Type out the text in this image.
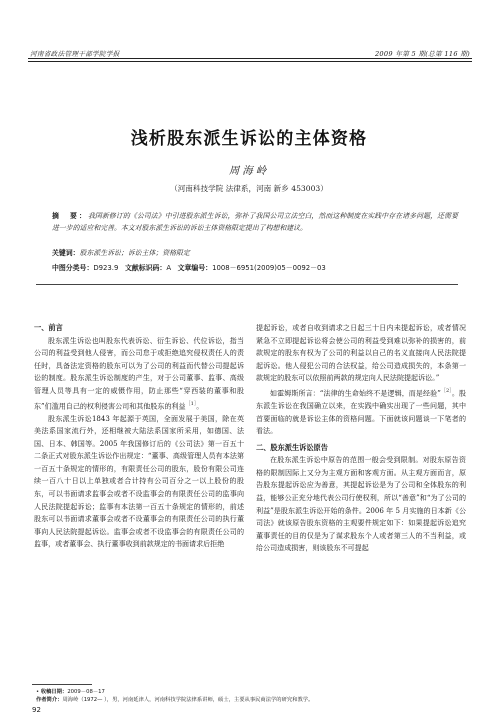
河南省政法管理干部学院学报	2009 年第 5 期(总第 116 期)
浅析股东派生诉讼的主体资格
周海岭
（河南科技学院 法律系，河南 新乡 453003）
摘　要：我国新修订的《公司法》中引进股东派生诉讼，弥补了我国公司立法空白，然而这种制度在实践中存在诸多问题，还需要进一步的适应和完善。本文对股东派生诉讼的诉讼主体资格限定提出了构想和建议。
关键词：股东派生诉讼；诉讼主体；资格限定
中图分类号：D923.9 文献标识码：A 文章编号：1008－6951(2009)05－0092－03
一、前言

股东派生诉讼也叫股东代表诉讼、衍生诉讼、代位诉讼，指当公司的利益受到他人侵害，而公司怠于或拒绝追究侵权责任人的责任时，具备法定资格的股东可以为了公司的利益而代替公司提起诉讼的制度。股东派生诉讼制度的产生，对于公司董事、监事、高级管理人员等具有一定的威慑作用，防止那些“穿西装的董事和股东”们滥用自己的权利侵害公司和其他股东的利益$^{[1]}$。

股东派生诉讼1843 年起源于英国，全面发展于美国，除在英美法系国家流行外，还相继被大陆法系国家所采用，如德国、法国、日本、韩国等。2005 年我国修订后的《公司法》第一百五十二条正式对股东派生诉讼作出规定：“董事、高级管理人员有本法第一百五十条规定的情形的，有限责任公司的股东，股份有限公司连续一百八十日以上单独或者合计持有公司百分之一以上股份的股东，可以书面请求监事会或者不设监事会的有限责任公司的监事向人民法院提起诉讼；监事有本法第一百五十条规定的情形的，前述股东可以书面请求董事会或者不设董事会的有限责任公司的执行董事向人民法院提起诉讼。监事会或者不设监事会的有限责任公司的监事，或者董事会、执行董事收到前款规定的书面请求后拒绝

提起诉讼，或者自收到请求之日起三十日内未提起诉讼，或者情况紧急不立即提起诉讼将会使公司的利益受到难以弥补的损害的，前款规定的股东有权为了公司的利益以自己的名义直接向人民法院提起诉讼。他人侵犯公司的合法权益，给公司造成损失的，本条第一款规定的股东可以依照前两款的规定向人民法院提起诉讼。”

如霍姆斯所言：“法律的生命始终不是逻辑，而是经验”$^{[2]}$。股东派生诉讼在我国确立以来，在实践中确实出现了一些问题，其中首要面临的就是诉讼主体的资格问题。下面就该问题谈一下笔者的看法。

二、股东派生诉讼原告

在股东派生诉讼中原告的范围一般会受到限制。对股东原告资格的限制因际上又分为主观方面和客观方面。从主观方面而言，原告股东提起诉讼应为善意，其提起诉讼是为了公司和全体股东的利益，能够公正充分地代表公司行使权利，所以“善意”和“为了公司的利益”是股东派生诉讼开始的条件。2006 年 5 月实施的日本新《公司法》就该原告股东资格的主观要件规定如下：如果提起诉讼追究董事责任的目的仅是为了谋求股东个人或者第三人的不当利益，或给公司造成损害，则该股东不可提起

• 收稿日期：2009－08－17
作者简介：周海岭（1972— ），男，河南延津人，河南科技学院法律系讲师，硕士，主要从事民商法学的研究和教学。
92
